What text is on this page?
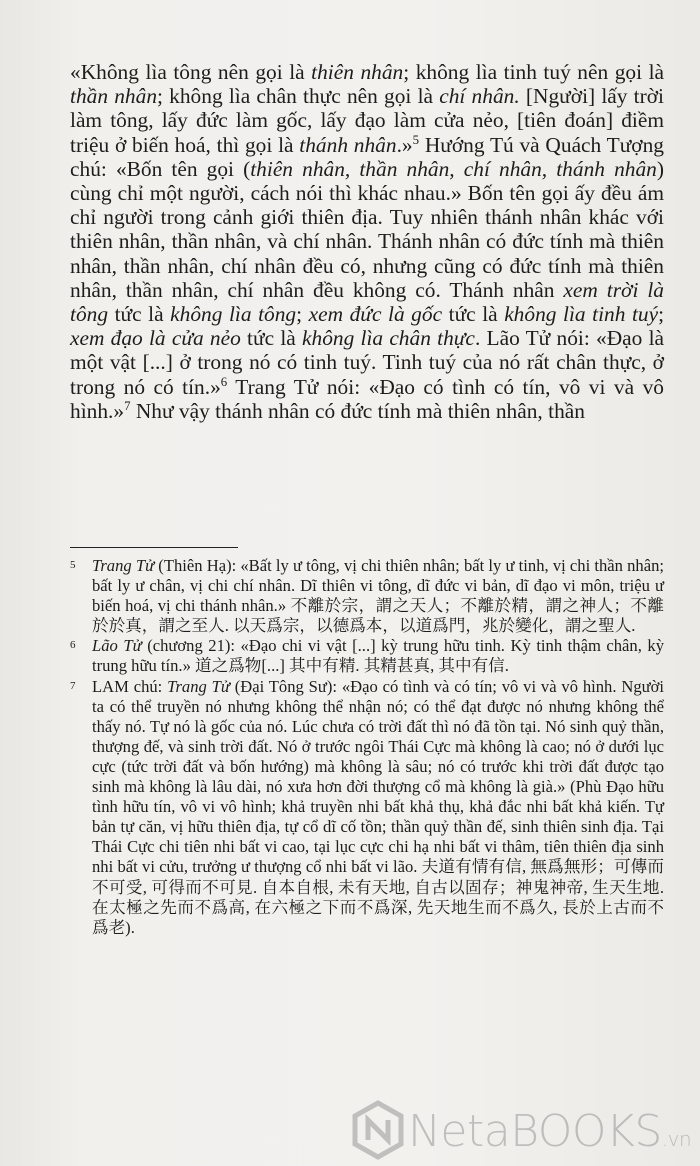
«Không lìa tông nên gọi là thiên nhân; không lìa tinh tuý nên gọi là thần nhân; không lìa chân thực nên gọi là chí nhân. [Người] lấy trời làm tông, lấy đức làm gốc, lấy đạo làm cửa nẻo, [tiên đoán] điềm triệu ở biến hoá, thì gọi là thánh nhân.»$^5$ Hướng Tú và Quách Tượng chú: «Bốn tên gọi (thiên nhân, thần nhân, chí nhân, thánh nhân) cùng chỉ một người, cách nói thì khác nhau.» Bốn tên gọi ấy đều ám chỉ người trong cảnh giới thiên địa. Tuy nhiên thánh nhân khác với thiên nhân, thần nhân, và chí nhân. Thánh nhân có đức tính mà thiên nhân, thần nhân, chí nhân đều có, nhưng cũng có đức tính mà thiên nhân, thần nhân, chí nhân đều không có. Thánh nhân xem trời là tông tức là không lìa tông; xem đức là gốc tức là không lìa tinh tuý; xem đạo là cửa nẻo tức là không lìa chân thực. Lão Tử nói: «Đạo là một vật [...] ở trong nó có tinh tuý. Tinh tuý của nó rất chân thực, ở trong nó có tín.»$^6$ Trang Tử nói: «Đạo có tình có tín, vô vi và vô hình.»$^7$ Như vậy thánh nhân có đức tính mà thiên nhân, thần

5 Trang Tử (Thiên Hạ): «Bất ly ư tông, vị chi thiên nhân; bất ly ư tinh, vị chi thần nhân; bất ly ư chân, vị chi chí nhân. Dĩ thiên vi tông, dĩ đức vi bản, dĩ đạo vi môn, triệu ư biến hoá, vị chi thánh nhân.» 不離於宗，謂之天人；不離於精，謂之神人；不離於於真，謂之至人. 以天爲宗，以德爲本，以道爲門，兆於變化，謂之聖人.

6 Lão Tử (chương 21): «Đạo chi vi vật [...] kỳ trung hữu tinh. Kỳ tinh thậm chân, kỳ trung hữu tín.» 道之爲物[...] 其中有精. 其精甚真, 其中有信.

7 LAM chú: Trang Tử (Đại Tông Sư): «Đạo có tình và có tín; vô vi và vô hình. Người ta có thể truyền nó nhưng không thể nhận nó; có thể đạt được nó nhưng không thể thấy nó. Tự nó là gốc của nó. Lúc chưa có trời đất thì nó đã tồn tại. Nó sinh quỷ thần, thượng đế, và sinh trời đất. Nó ở trước ngôi Thái Cực mà không là cao; nó ở dưới lục cực (tức trời đất và bốn hướng) mà không là sâu; nó có trước khi trời đất được tạo sinh mà không là lâu dài, nó xưa hơn đời thượng cổ mà không là già.» (Phù Đạo hữu tình hữu tín, vô vi vô hình; khả truyền nhi bất khả thụ, khả đắc nhi bất khả kiến. Tự bản tự căn, vị hữu thiên địa, tự cổ dĩ cố tồn; thần quỷ thần đế, sinh thiên sinh địa. Tại Thái Cực chi tiên nhi bất vi cao, tại lục cực chi hạ nhi bất vi thâm, tiên thiên địa sinh nhi bất vi cửu, trưởng ư thượng cổ nhi bất vi lão. 夫道有情有信, 無爲無形；可傳而不可受, 可得而不可見. 自本自根, 未有天地, 自古以固存；神鬼神帝, 生天生地. 在太極之先而不爲高, 在六極之下而不爲深, 先天地生而不爲久, 長於上古而不爲老).

NetaBOOKS.vn
